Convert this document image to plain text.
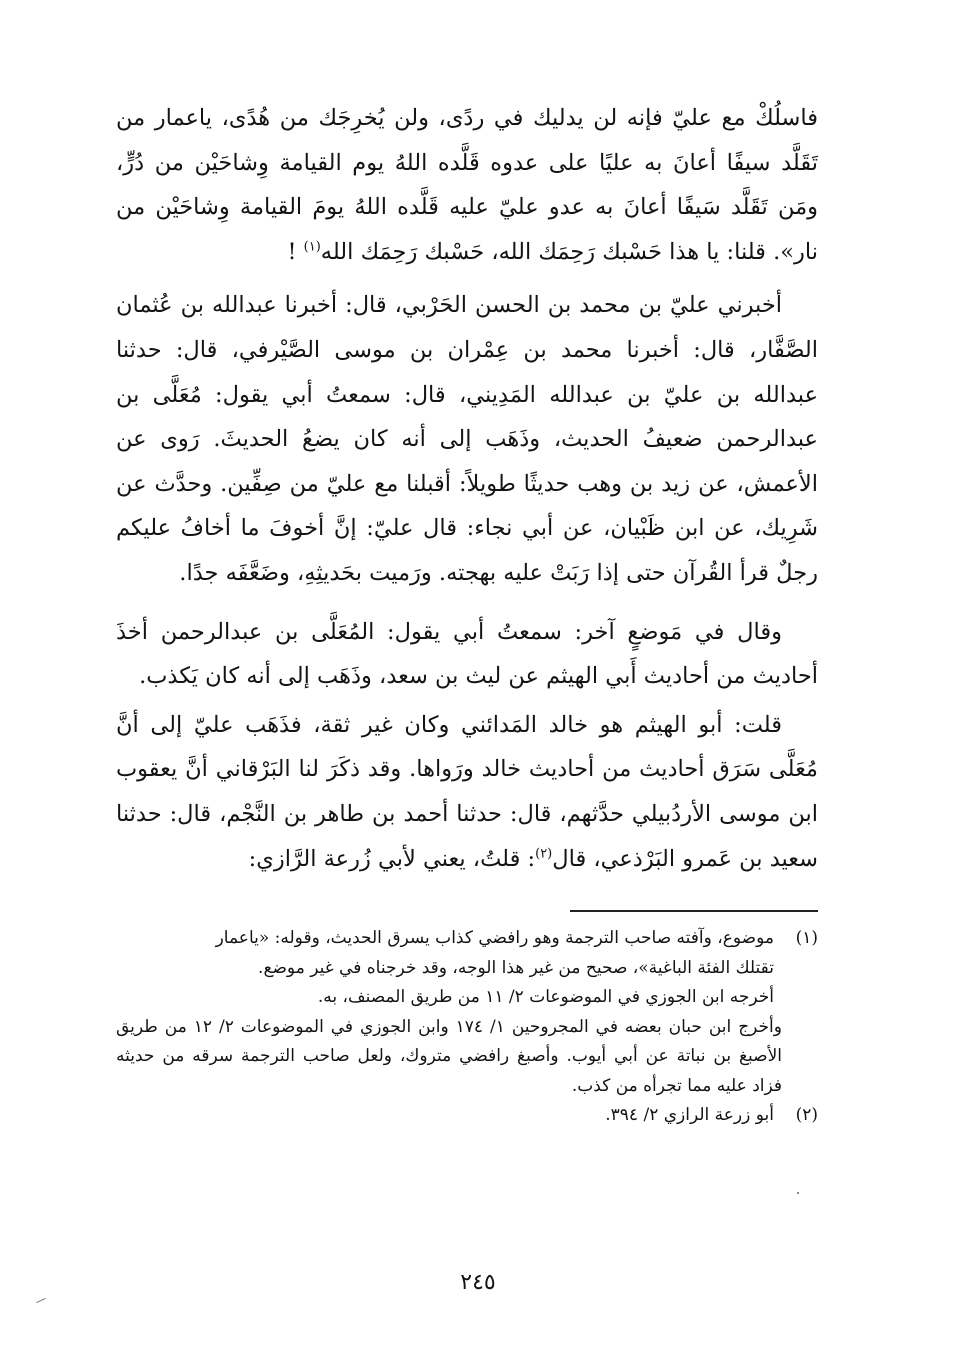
فاسلُكْ مع عليّ فإنه لن يدليك في ردًى، ولن يُخرِجَك من هُدًى، ياعمار من تَقَلَّد سيفًا أعانَ به عليًا على عدوه قَلَّده اللهُ يوم القيامة وِشاحَيْن من دُرٍّ، ومَن تَقَلَّد سَيفًا أعانَ به عدو عليّ عليه قَلَّده اللهُ يومَ القيامة وِشاحَيْن من نار». قلنا: يا هذا حَسْبك رَحِمَك الله، حَسْبك رَحِمَك الله$^{(١)}$ !

أخبرني عليّ بن محمد بن الحسن الحَرْبي، قال: أخبرنا عبدالله بن عُثمان الصَّفَّار، قال: أخبرنا محمد بن عِمْران بن موسى الصَّيْرفي، قال: حدثنا عبدالله بن عليّ بن عبدالله المَدِيني، قال: سمعتُ أبي يقول: مُعَلَّى بن عبدالرحمن ضعيفُ الحديث، وذَهَب إلى أنه كان يضعُ الحديثَ. رَوى عن الأعمش، عن زيد بن وهب حديثًا طويلاً: أقبلنا مع عليّ من صِفِّين. وحدَّث عن شَرِيك، عن ابن ظَبْيان، عن أبي نجاء: قال عليّ: إنَّ أخوفَ ما أخافُ عليكم رجلٌ قرأ القُرآن حتى إذا رَبَتْ عليه بهجته. ورَميت بحَديثِهِ، وضَعَّفَه جدًا.

وقال في مَوضعٍ آخر: سمعتُ أبي يقول: المُعَلَّى بن عبدالرحمن أخذَ أحاديث من أحاديث أَبي الهيثم عن ليث بن سعد، وذَهَب إلى أنه كان يَكذب.

قلت: أبو الهيثم هو خالد المَدائني وكان غير ثقة، فذَهَب عليّ إلى أنَّ مُعَلَّى سَرَق أحاديث من أحاديث خالد ورَواها. وقد ذكَرَ لنا البَرْقاني أنَّ يعقوب ابن موسى الأردُبيلي حدَّثهم، قال: حدثنا أحمد بن طاهر بن النَّجْم، قال: حدثنا سعيد بن عَمرو البَرْذعي، قال$^{(٢)}$: قلتُ، يعني لأبي زُرعة الرَّازي:

(١)موضوع، وآفته صاحب الترجمة وهو رافضي كذاب يسرق الحديث، وقوله: «ياعمار

تقتلك الفئة الباغية»، صحيح من غير هذا الوجه، وقد خرجناه في غير موضع.

أخرجه ابن الجوزي في الموضوعات ٢/ ١١ من طريق المصنف، به.

وأخرج ابن حبان بعضه في المجروحين ١/ ١٧٤ وابن الجوزي في الموضوعات ٢/ ١٢ من طريق الأصبغ بن نباتة عن أبي أيوب. وأصبغ رافضي متروك، ولعل صاحب الترجمة سرقه من حديثه فزاد عليه مما تجرأه من كذب.

(٢)أبو زرعة الرازي ٢/ ٣٩٤.

٢٤٥
